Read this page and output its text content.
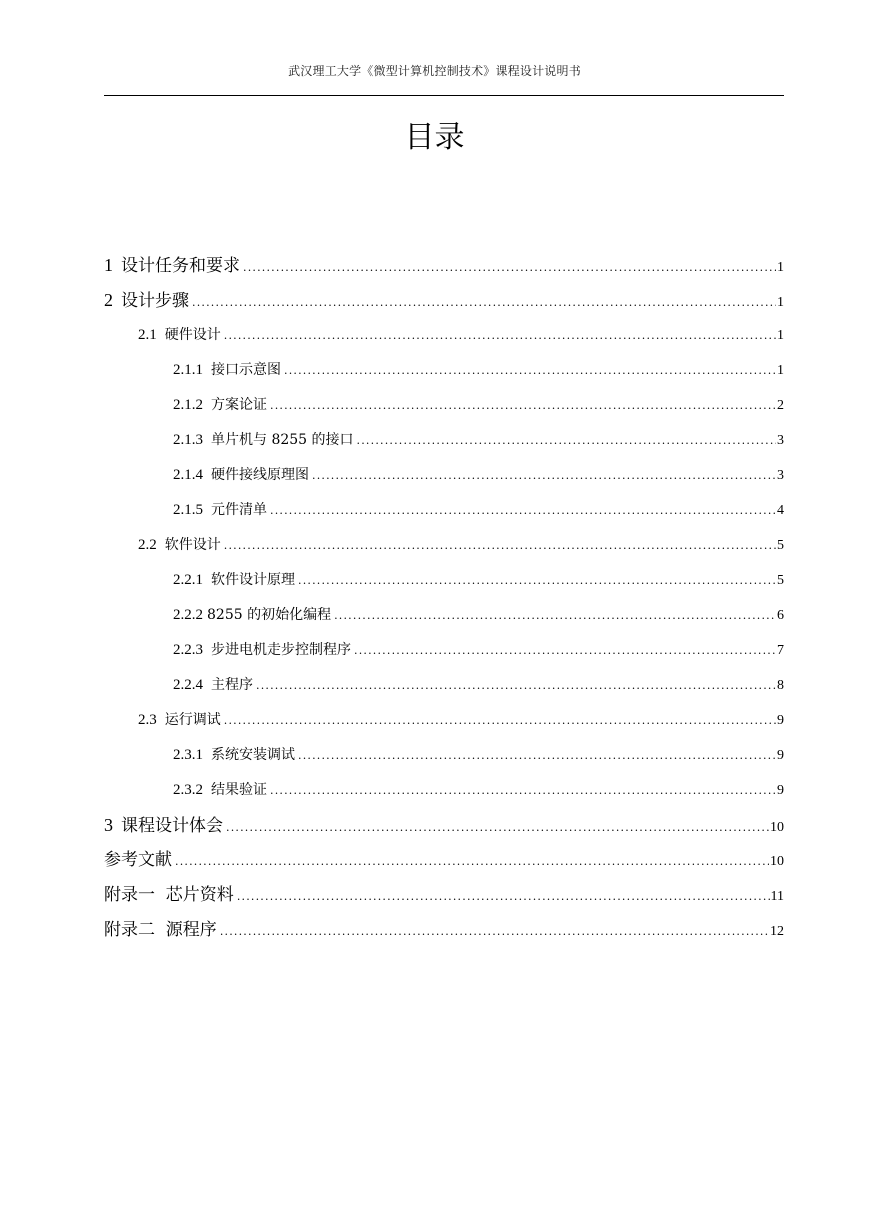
武汉理工大学《微型计算机控制技术》课程设计说明书
目录
1 设计任务和要求 .....	1
2 设计步骤 .....	1
2.1 硬件设计 .....	1
2.1.1 接口示意图 .....	1
2.1.2 方案论证 .....	2
2.1.3 单片机与 8255 的接口 .....	3
2.1.4 硬件接线原理图 .....	3
2.1.5 元件清单 .....	4
2.2 软件设计 .....	5
2.2.1 软件设计原理 .....	5
2.2.2 8255 的初始化编程 .....	6
2.2.3 步进电机走步控制程序 .....	7
2.2.4 主程序 .....	8
2.3 运行调试 .....	9
2.3.1 系统安装调试 .....	9
2.3.2 结果验证 .....	9
3 课程设计体会 .....	10
参考文献 .....	10
附录一  芯片资料 .....	11
附录二  源程序 .....	12
